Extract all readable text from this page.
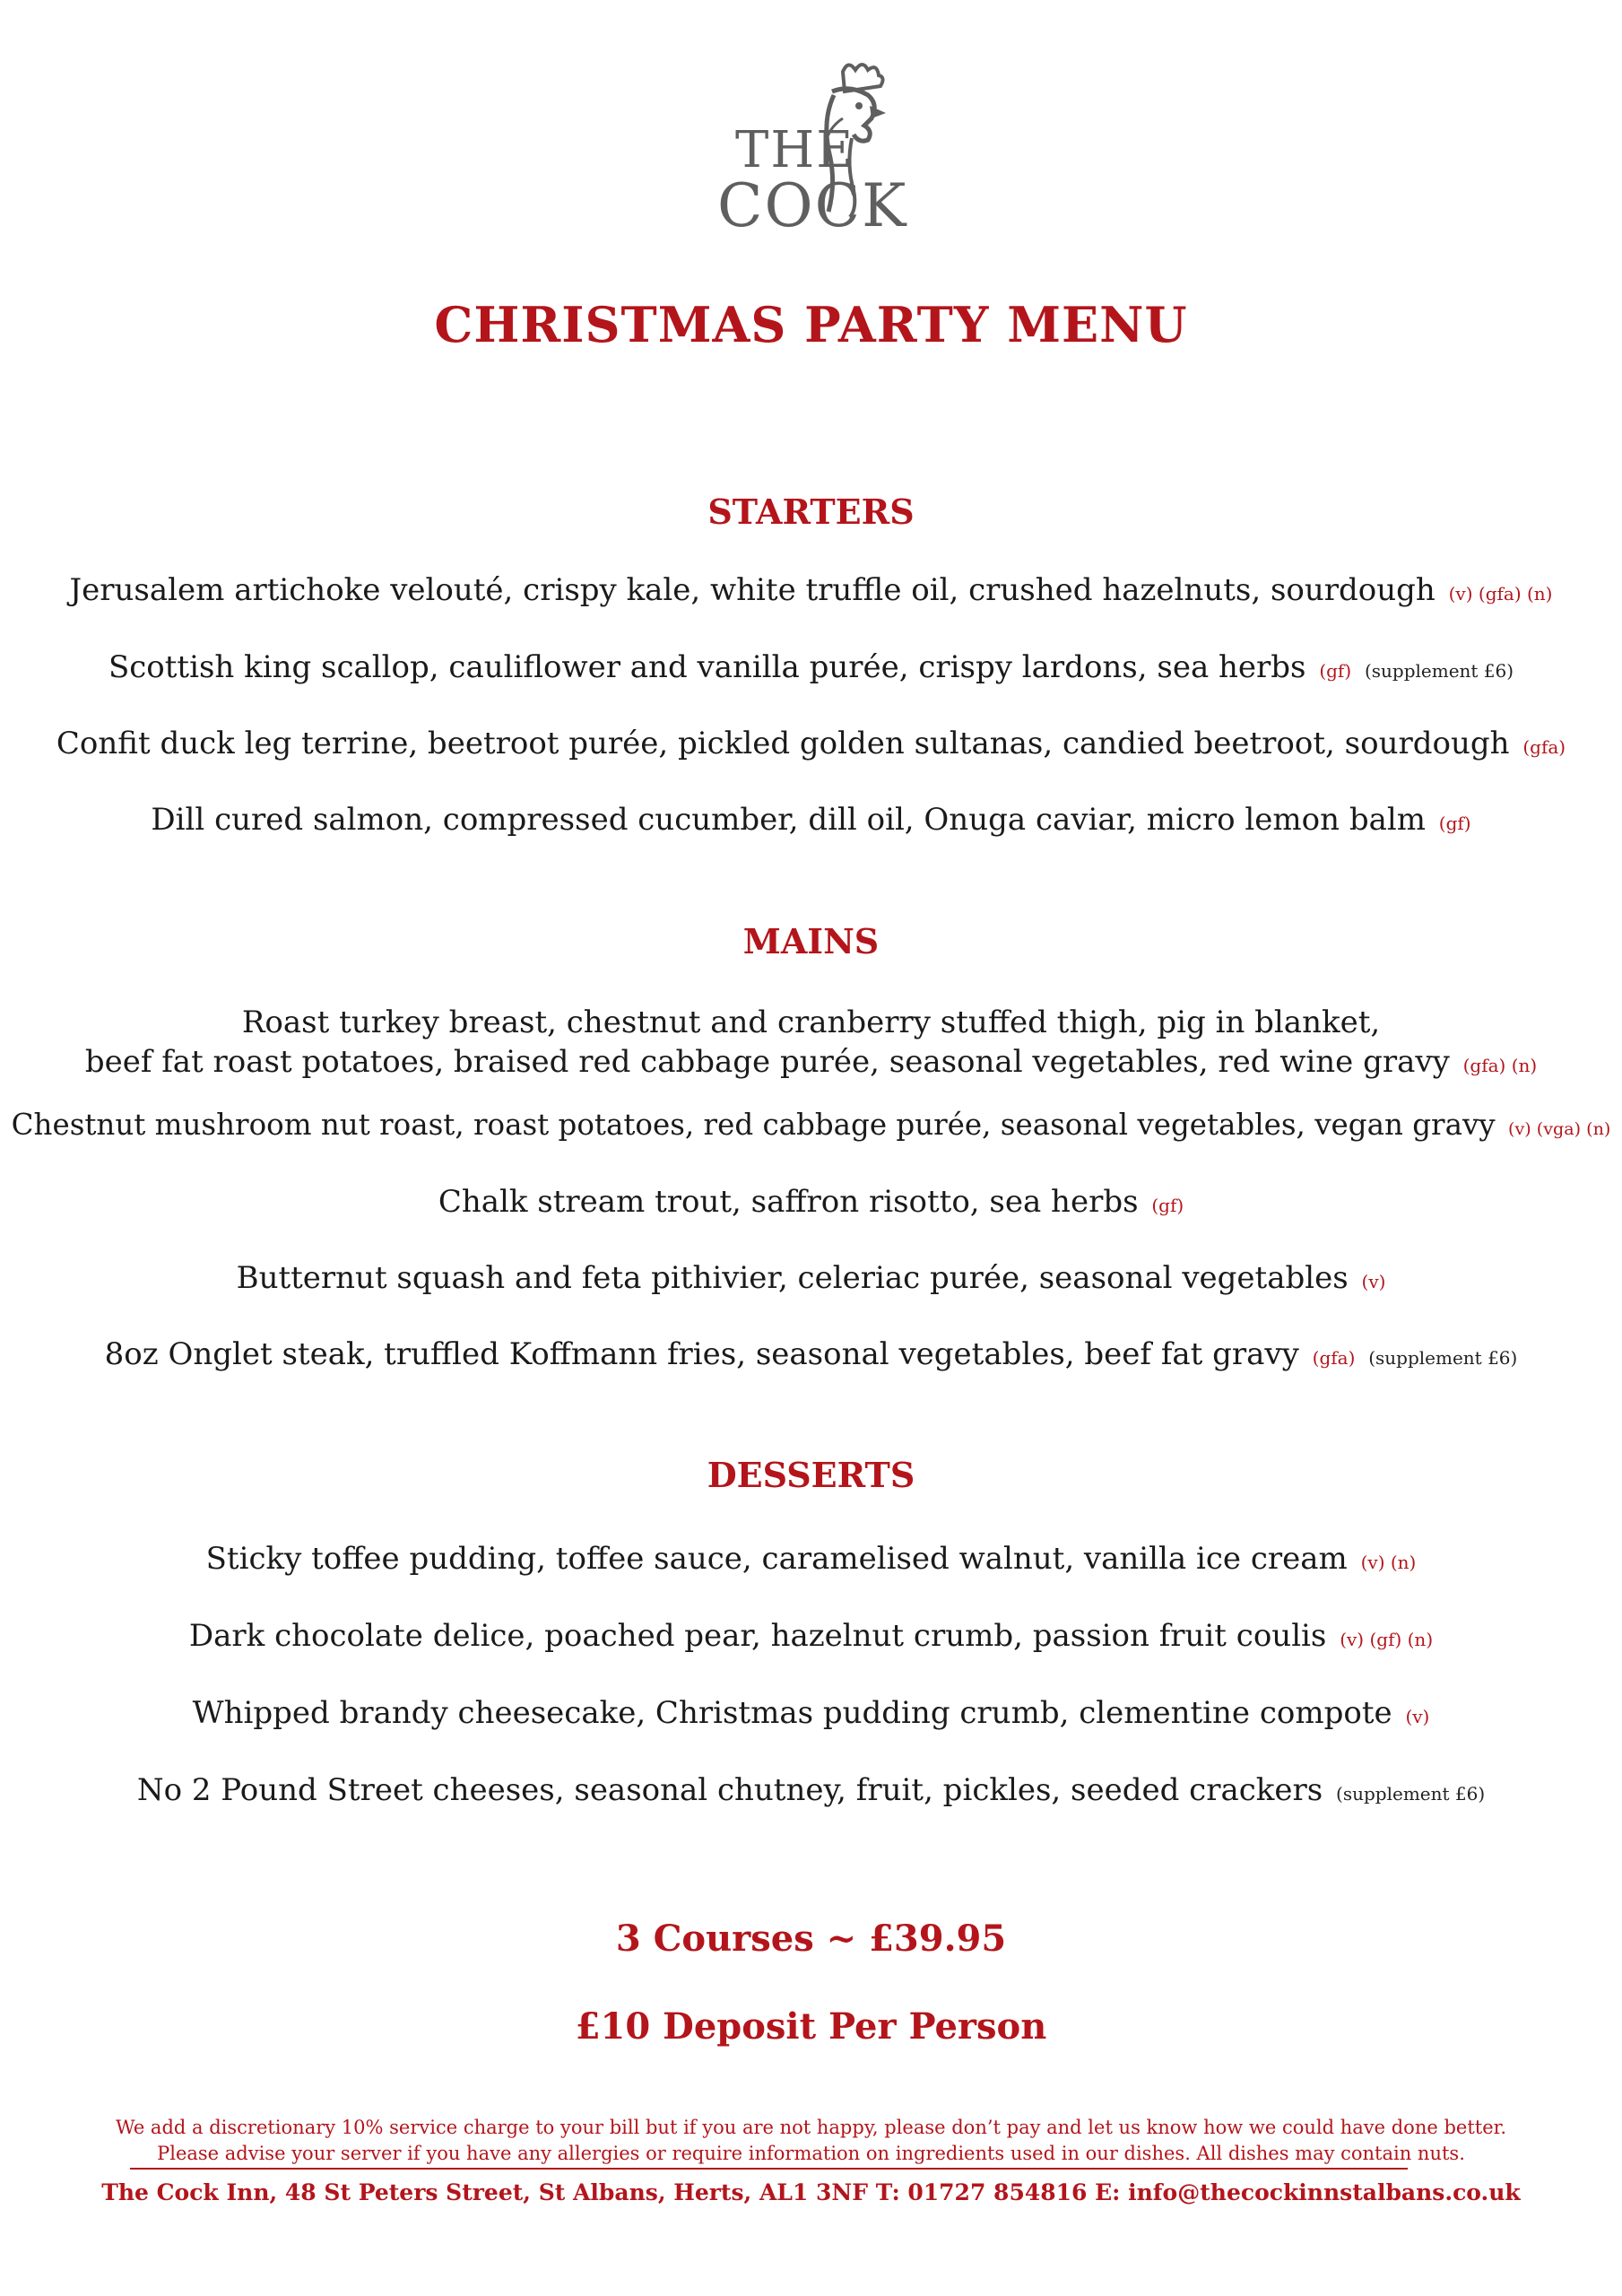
THE
COCK
CHRISTMAS PARTY MENU
STARTERS
Jerusalem artichoke velouté, crispy kale, white truffle oil, crushed hazelnuts, sourdough (v) (gfa) (n)
Scottish king scallop, cauliflower and vanilla purée, crispy lardons, sea herbs (gf) (supplement £6)
Confit duck leg terrine, beetroot purée, pickled golden sultanas, candied beetroot, sourdough (gfa)
Dill cured salmon, compressed cucumber, dill oil, Onuga caviar, micro lemon balm (gf)
MAINS
Roast turkey breast, chestnut and cranberry stuffed thigh, pig in blanket,
beef fat roast potatoes, braised red cabbage purée, seasonal vegetables, red wine gravy (gfa) (n)
Chestnut mushroom nut roast, roast potatoes, red cabbage purée, seasonal vegetables, vegan gravy (v) (vga) (n)
Chalk stream trout, saffron risotto, sea herbs (gf)
Butternut squash and feta pithivier, celeriac purée, seasonal vegetables (v)
8oz Onglet steak, truffled Koffmann fries, seasonal vegetables, beef fat gravy (gfa) (supplement £6)
DESSERTS
Sticky toffee pudding, toffee sauce, caramelised walnut, vanilla ice cream (v) (n)
Dark chocolate delice, poached pear, hazelnut crumb, passion fruit coulis (v) (gf) (n)
Whipped brandy cheesecake, Christmas pudding crumb, clementine compote (v)
No 2 Pound Street cheeses, seasonal chutney, fruit, pickles, seeded crackers (supplement £6)
3 Courses ~ £39.95
£10 Deposit Per Person
We add a discretionary 10% service charge to your bill but if you are not happy, please don’t pay and let us know how we could have done better.
Please advise your server if you have any allergies or require information on ingredients used in our dishes. All dishes may contain nuts.
The Cock Inn, 48 St Peters Street, St Albans, Herts, AL1 3NF T: 01727 854816 E: info@thecockinnstalbans.co.uk
